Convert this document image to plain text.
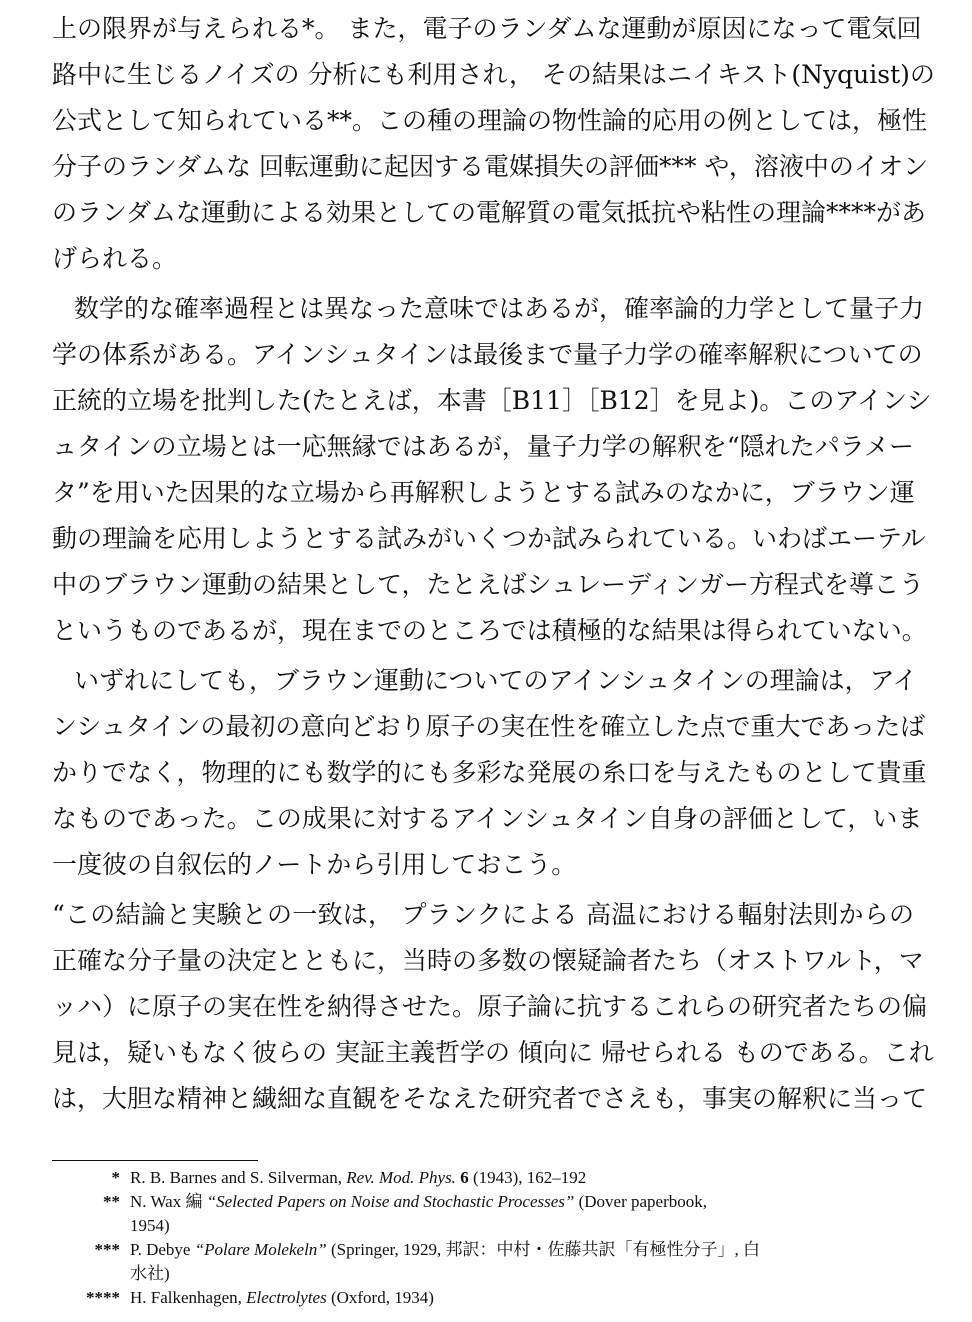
上の限界が与えられる*。 また，電子のランダムな運動が原因になって電気回
路中に生じるノイズの 分析にも利用され， その結果はニイキスト(Nyquist)の
公式として知られている**。この種の理論の物性論的応用の例としては，極性
分子のランダムな 回転運動に起因する電媒損失の評価*** や，溶液中のイオン
のランダムな運動による効果としての電解質の電気抵抗や粘性の理論****があ
げられる。
数学的な確率過程とは異なった意味ではあるが，確率論的力学として量子力
学の体系がある。アインシュタインは最後まで量子力学の確率解釈についての
正統的立場を批判した(たとえば，本書［B11］［B12］を見よ)。このアインシ
ュタインの立場とは一応無縁ではあるが，量子力学の解釈を“隠れたパラメー
タ”を用いた因果的な立場から再解釈しようとする試みのなかに，ブラウン運
動の理論を応用しようとする試みがいくつか試みられている。いわばエーテル
中のブラウン運動の結果として，たとえばシュレーディンガー方程式を導こう
というものであるが，現在までのところでは積極的な結果は得られていない。
いずれにしても，ブラウン運動についてのアインシュタインの理論は，アイ
ンシュタインの最初の意向どおり原子の実在性を確立した点で重大であったば
かりでなく，物理的にも数学的にも多彩な発展の糸口を与えたものとして貴重
なものであった。この成果に対するアインシュタイン自身の評価として，いま
一度彼の自叙伝的ノートから引用しておこう。
“この結論と実験との一致は， プランクによる 高温における輻射法則からの
正確な分子量の決定とともに，当時の多数の懐疑論者たち（オストワルト，マ
ッハ）に原子の実在性を納得させた。原子論に抗するこれらの研究者たちの偏
見は，疑いもなく彼らの 実証主義哲学の 傾向に 帰せられる ものである。これ
は，大胆な精神と繊細な直観をそなえた研究者でさえも，事実の解釈に当って
* R. B. Barnes and S. Silverman, Rev. Mod. Phys. 6 (1943), 162–192
** N. Wax 編 “Selected Papers on Noise and Stochastic Processes” (Dover paperbook,
1954)
*** P. Debye “Polare Molekeln” (Springer, 1929, 邦訳：中村・佐藤共訳「有極性分子」, 白
水社)
**** H. Falkenhagen, Electrolytes (Oxford, 1934)
